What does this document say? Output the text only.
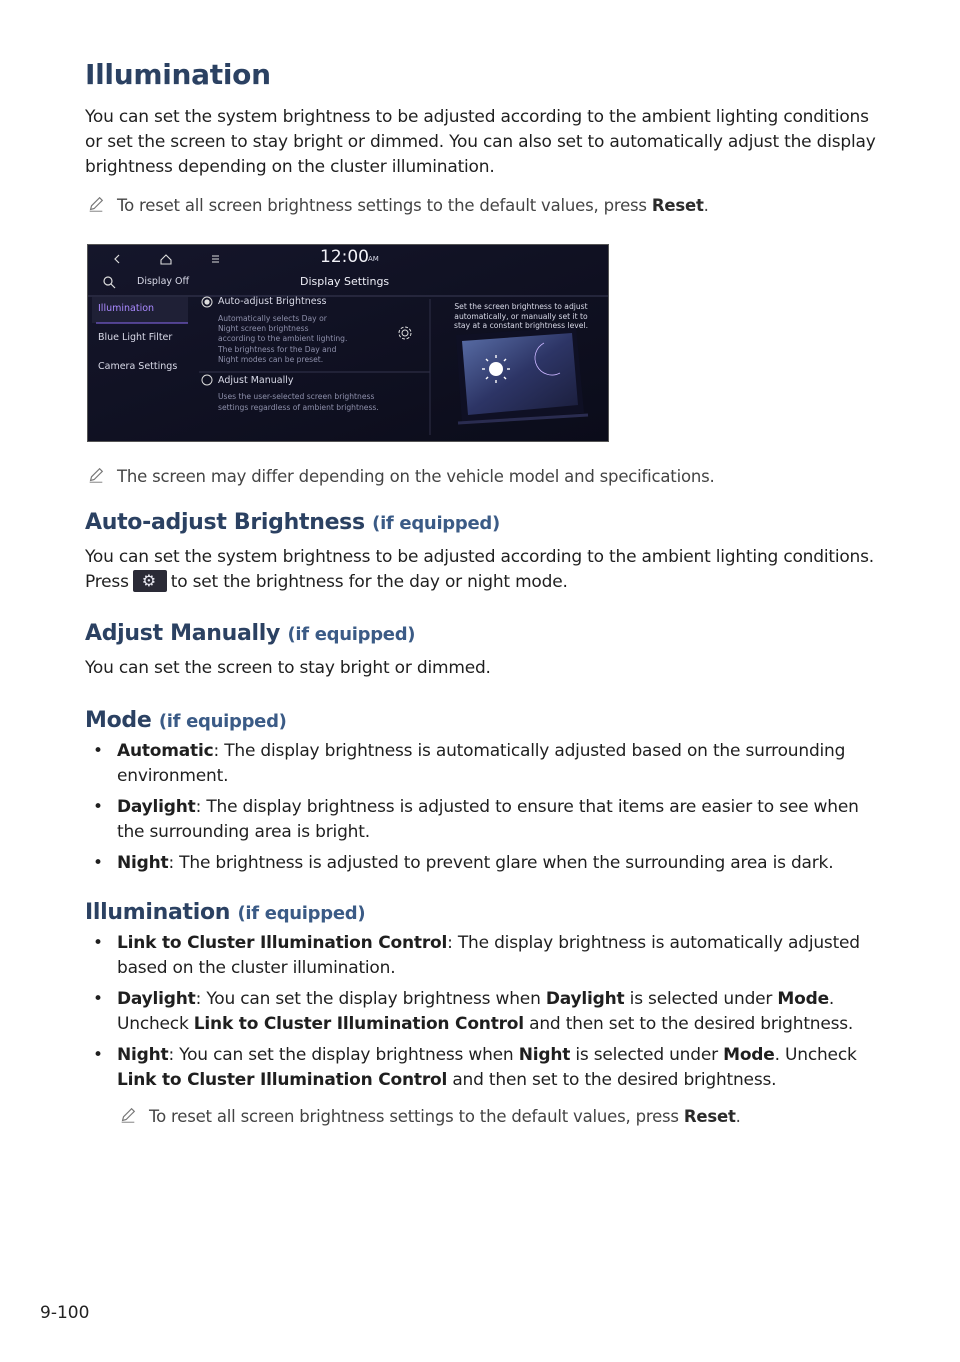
Illumination

You can set the system brightness to be adjusted according to the ambient lighting conditions or set the screen to stay bright or dimmed. You can also set to automatically adjust the display brightness depending on the cluster illumination.

To reset all screen brightness settings to the default values, press Reset.
12:00 AM
Display Off	Display Settings
Illumination
Blue Light Filter
Camera Settings
Auto-adjust Brightness
Automatically selects Day or
Night screen brightness
according to the ambient lighting.
The brightness for the Day and
Night modes can be preset.
Adjust Manually
Uses the user-selected screen brightness
settings regardless of ambient brightness.
Set the screen brightness to adjust
automatically, or manually set it to
stay at a constant brightness level.
The screen may differ depending on the vehicle model and specifications.
Auto-adjust Brightness (if equipped)

You can set the system brightness to be adjusted according to the ambient lighting conditions. Press ⚙ to set the brightness for the day or night mode.

Adjust Manually (if equipped)

You can set the screen to stay bright or dimmed.

Mode (if equipped)
• Automatic: The display brightness is automatically adjusted based on the surrounding environment.
• Daylight: The display brightness is adjusted to ensure that items are easier to see when the surrounding area is bright.
• Night: The brightness is adjusted to prevent glare when the surrounding area is dark.
Illumination (if equipped)
• Link to Cluster Illumination Control: The display brightness is automatically adjusted based on the cluster illumination.
• Daylight: You can set the display brightness when Daylight is selected under Mode. Uncheck Link to Cluster Illumination Control and then set to the desired brightness.
• Night: You can set the display brightness when Night is selected under Mode. Uncheck Link to Cluster Illumination Control and then set to the desired brightness.
To reset all screen brightness settings to the default values, press Reset.
9-100
